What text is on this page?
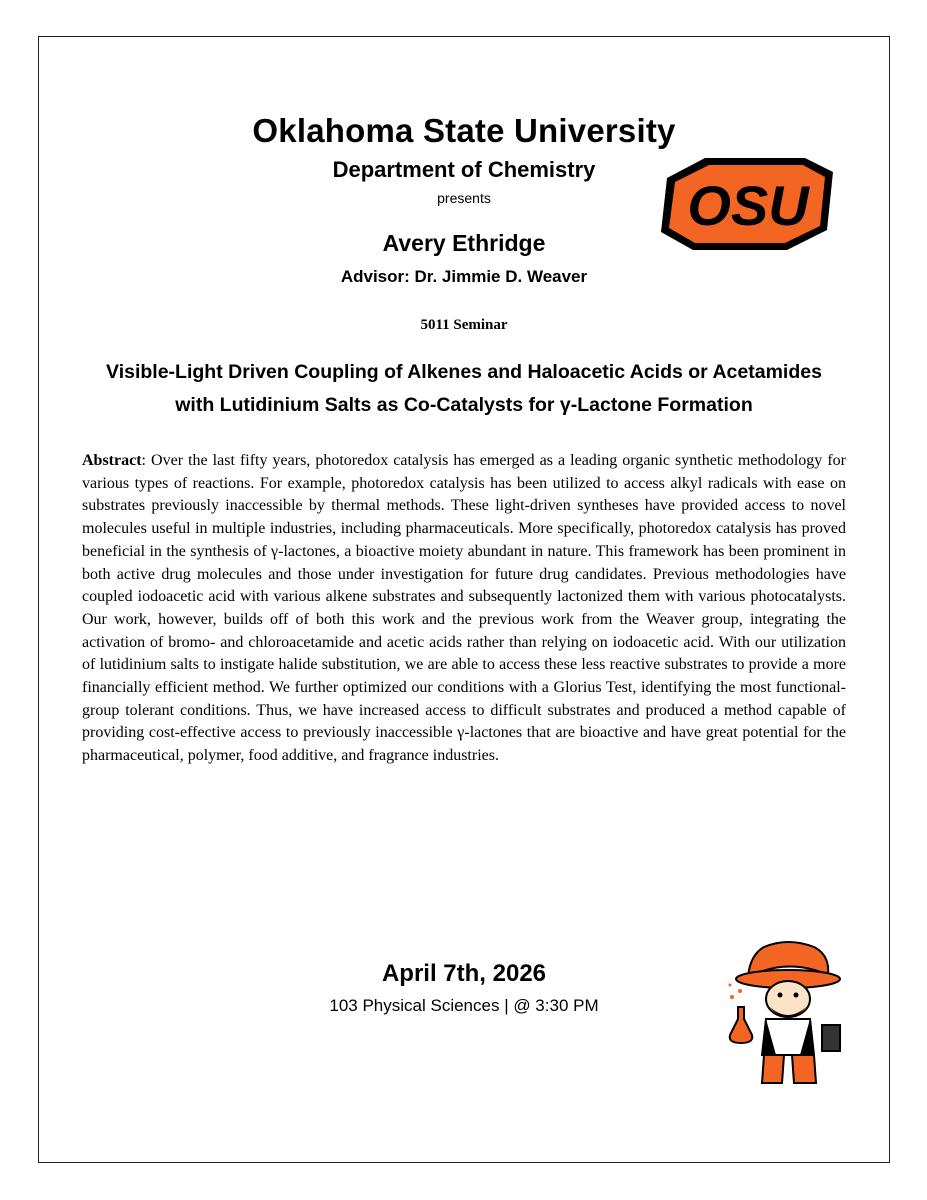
Oklahoma State University
Department of Chemistry
presents	OSU
Avery Ethridge
Advisor: Dr. Jimmie D. Weaver
5011 Seminar
Visible-Light Driven Coupling of Alkenes and Haloacetic Acids or Acetamides
with Lutidinium Salts as Co-Catalysts for γ-Lactone Formation
Abstract: Over the last fifty years, photoredox catalysis has emerged as a leading organic synthetic methodology for various types of reactions. For example, photoredox catalysis has been utilized to access alkyl radicals with ease on substrates previously inaccessible by thermal methods. These light-driven syntheses have provided access to novel molecules useful in multiple industries, including pharmaceuticals. More specifically, photoredox catalysis has proved beneficial in the synthesis of γ-lactones, a bioactive moiety abundant in nature. This framework has been prominent in both active drug molecules and those under investigation for future drug candidates. Previous methodologies have coupled iodoacetic acid with various alkene substrates and subsequently lactonized them with various photocatalysts. Our work, however, builds off of both this work and the previous work from the Weaver group, integrating the activation of bromo- and chloroacetamide and acetic acids rather than relying on iodoacetic acid. With our utilization of lutidinium salts to instigate halide substitution, we are able to access these less reactive substrates to provide a more financially efficient method. We further optimized our conditions with a Glorius Test, identifying the most functional-group tolerant conditions. Thus, we have increased access to difficult substrates and produced a method capable of providing cost-effective access to previously inaccessible γ-lactones that are bioactive and have great potential for the pharmaceutical, polymer, food additive, and fragrance industries.
April 7th, 2026
103 Physical Sciences | @ 3:30 PM
